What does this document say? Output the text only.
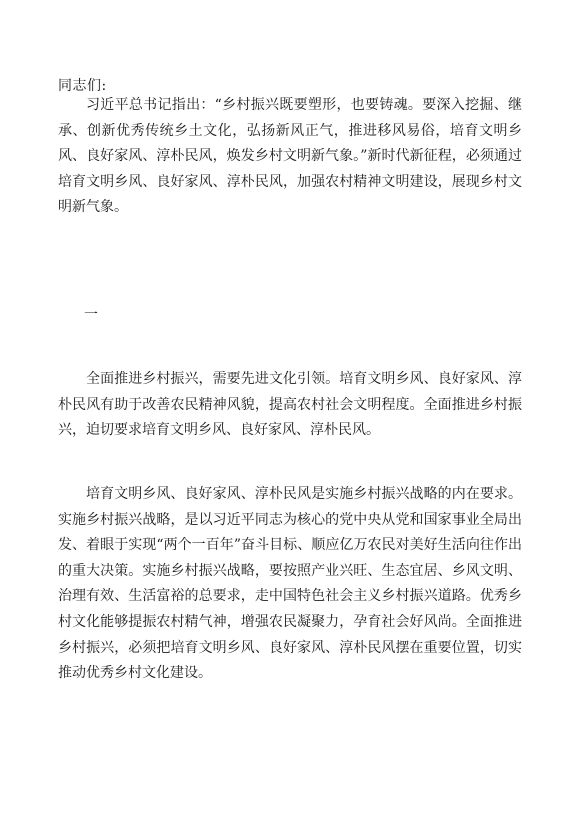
同志们:

习近平总书记指出：“乡村振兴既要塑形，也要铸魂。要深入挖掘、继承、创新优秀传统乡土文化，弘扬新风正气，推进移风易俗，培育文明乡风、良好家风、淳朴民风，焕发乡村文明新气象。”新时代新征程，必须通过培育文明乡风、良好家风、淳朴民风，加强农村精神文明建设，展现乡村文明新气象。

一

全面推进乡村振兴，需要先进文化引领。培育文明乡风、良好家风、淳朴民风有助于改善农民精神风貌，提高农村社会文明程度。全面推进乡村振兴，迫切要求培育文明乡风、良好家风、淳朴民风。

培育文明乡风、良好家风、淳朴民风是实施乡村振兴战略的内在要求。实施乡村振兴战略，是以习近平同志为核心的党中央从党和国家事业全局出发、着眼于实现“两个一百年”奋斗目标、顺应亿万农民对美好生活向往作出的重大决策。实施乡村振兴战略，要按照产业兴旺、生态宜居、乡风文明、治理有效、生活富裕的总要求，走中国特色社会主义乡村振兴道路。优秀乡村文化能够提振农村精气神，增强农民凝聚力，孕育社会好风尚。全面推进乡村振兴，必须把培育文明乡风、良好家风、淳朴民风摆在重要位置，切实推动优秀乡村文化建设。
